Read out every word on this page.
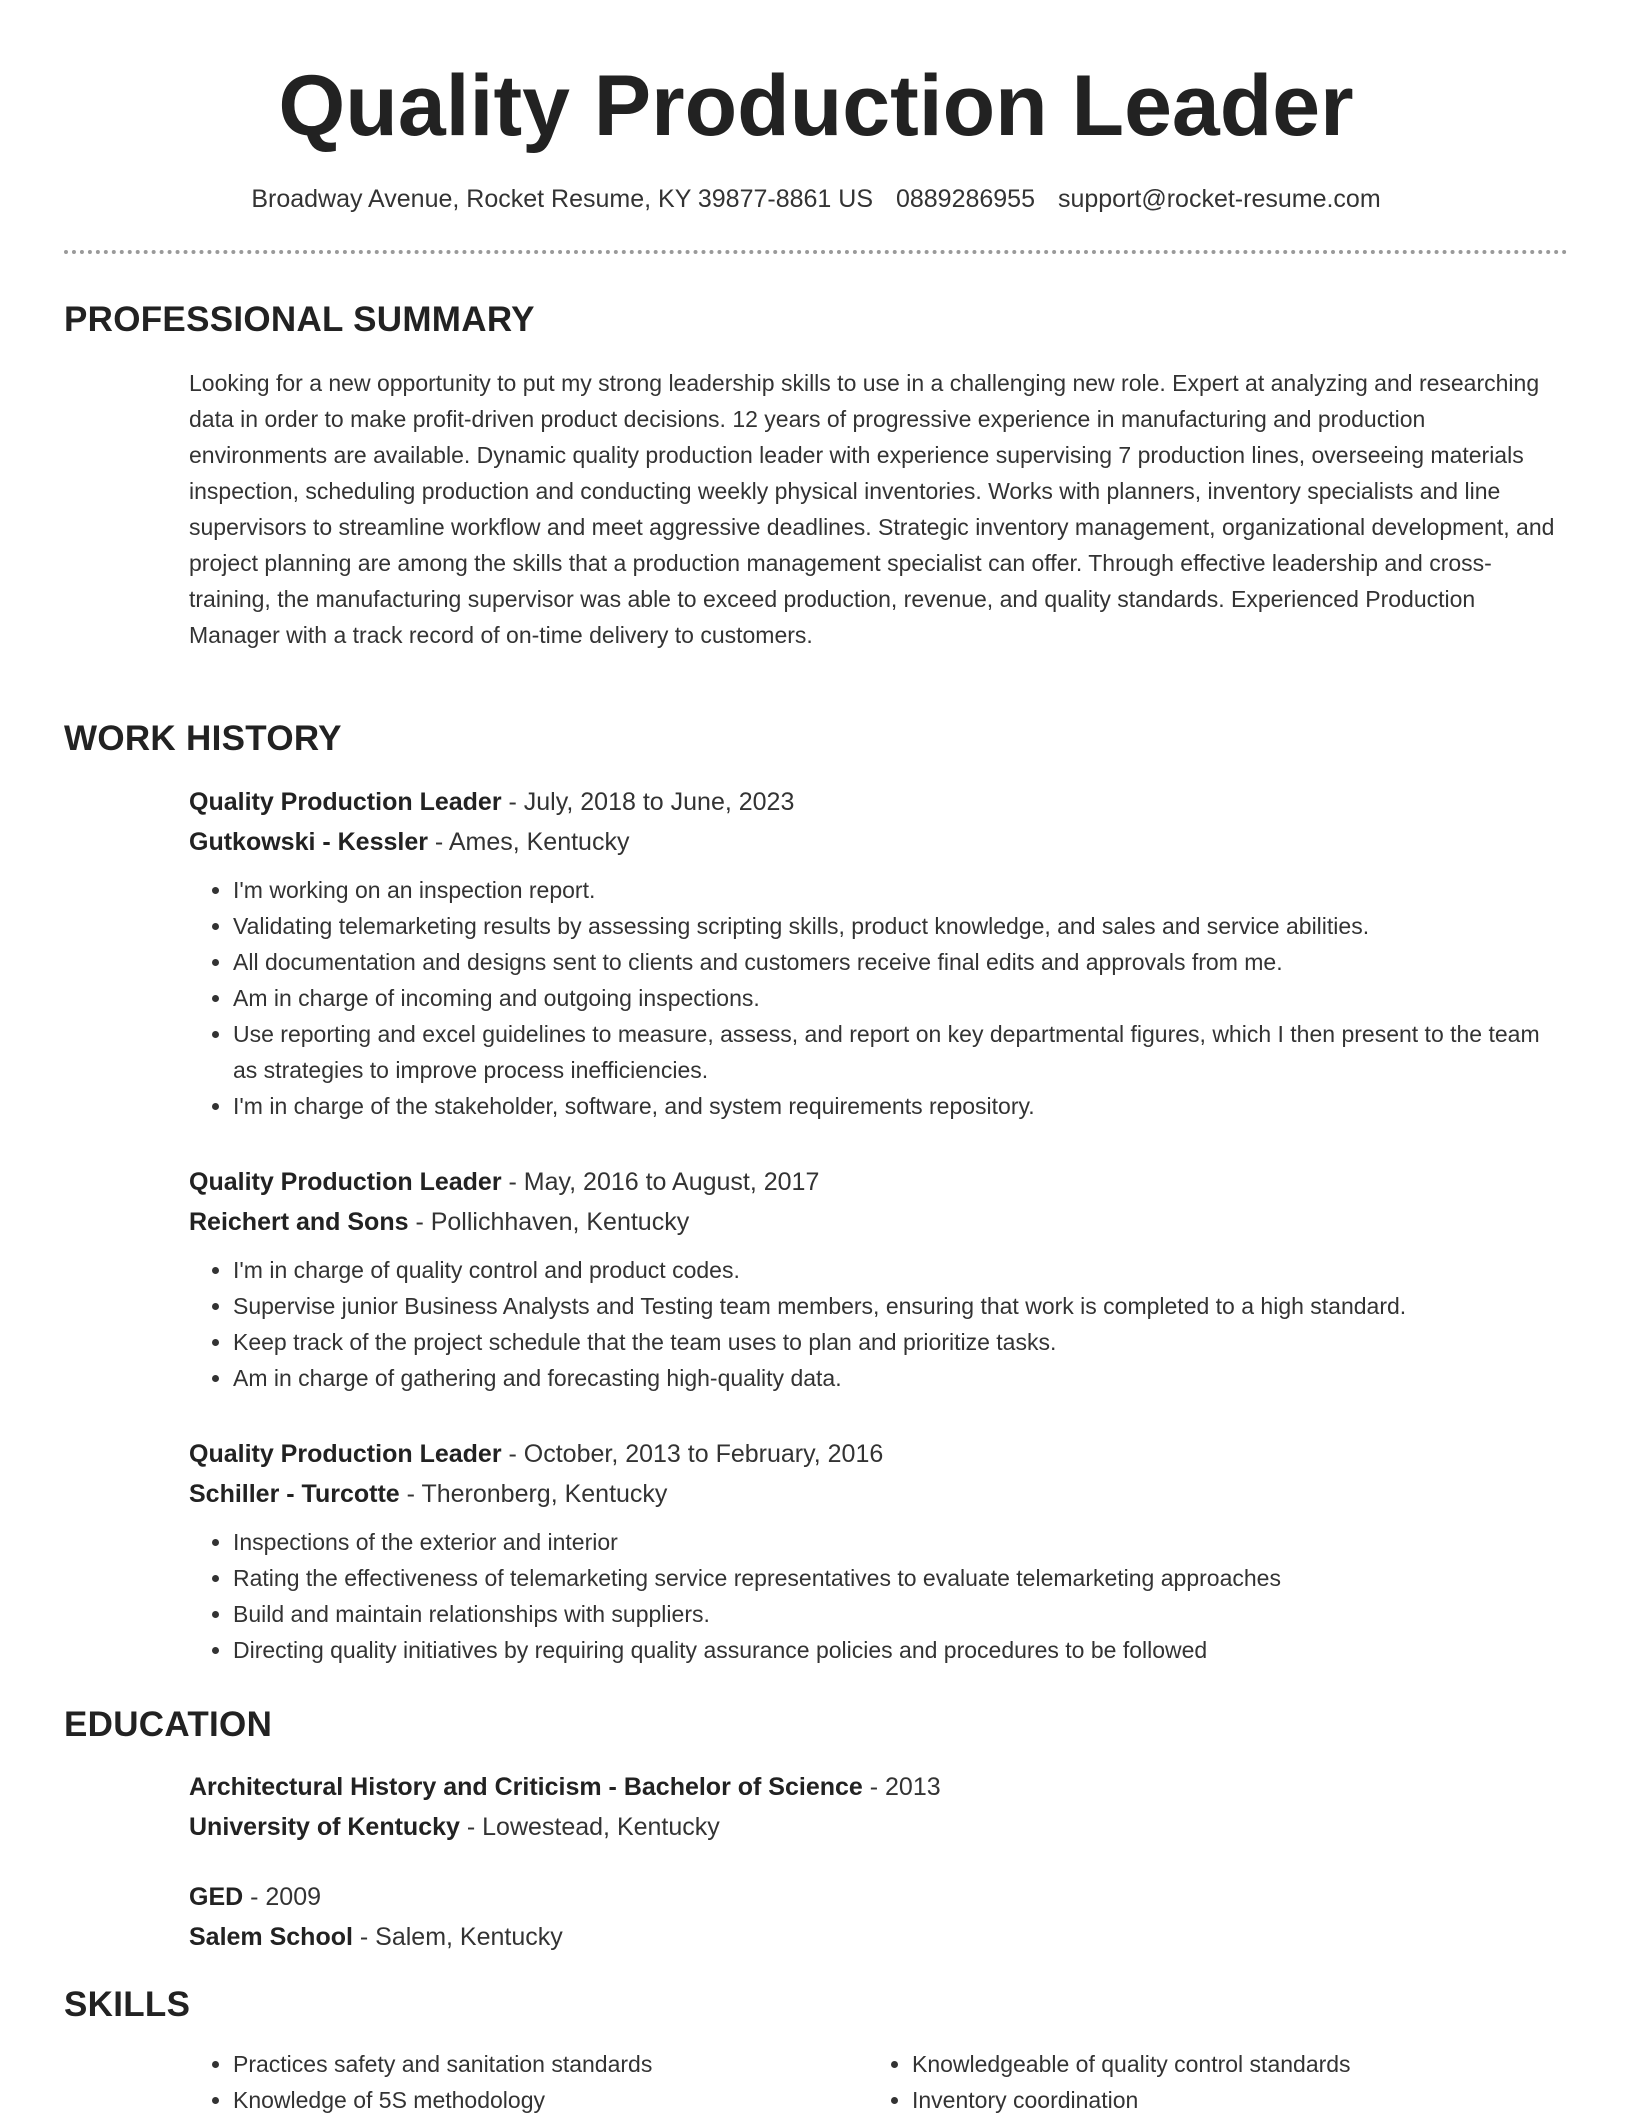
Quality Production Leader
Broadway Avenue, Rocket Resume, KY 39877-8861 US 0889286955 support@rocket-resume.com
PROFESSIONAL SUMMARY

Looking for a new opportunity to put my strong leadership skills to use in a challenging new role. Expert at analyzing and researching data in order to make profit-driven product decisions. 12 years of progressive experience in manufacturing and production environments are available. Dynamic quality production leader with experience supervising 7 production lines, overseeing materials inspection, scheduling production and conducting weekly physical inventories. Works with planners, inventory specialists and line supervisors to streamline workflow and meet aggressive deadlines. Strategic inventory management, organizational development, and project planning are among the skills that a production management specialist can offer. Through effective leadership and cross-training, the manufacturing supervisor was able to exceed production, revenue, and quality standards. Experienced Production Manager with a track record of on-time delivery to customers.

WORK HISTORY
Quality Production Leader - July, 2018 to June, 2023
Gutkowski - Kessler - Ames, Kentucky
• I'm working on an inspection report.
• Validating telemarketing results by assessing scripting skills, product knowledge, and sales and service abilities.
• All documentation and designs sent to clients and customers receive final edits and approvals from me.
• Am in charge of incoming and outgoing inspections.
• Use reporting and excel guidelines to measure, assess, and report on key departmental figures, which I then present to the team as strategies to improve process inefficiencies.
• I'm in charge of the stakeholder, software, and system requirements repository.
Quality Production Leader - May, 2016 to August, 2017
Reichert and Sons - Pollichhaven, Kentucky
• I'm in charge of quality control and product codes.
• Supervise junior Business Analysts and Testing team members, ensuring that work is completed to a high standard.
• Keep track of the project schedule that the team uses to plan and prioritize tasks.
• Am in charge of gathering and forecasting high-quality data.
Quality Production Leader - October, 2013 to February, 2016
Schiller - Turcotte - Theronberg, Kentucky
• Inspections of the exterior and interior
• Rating the effectiveness of telemarketing service representatives to evaluate telemarketing approaches
• Build and maintain relationships with suppliers.
• Directing quality initiatives by requiring quality assurance policies and procedures to be followed
EDUCATION
Architectural History and Criticism - Bachelor of Science - 2013
University of Kentucky - Lowestead, Kentucky
GED - 2009
Salem School - Salem, Kentucky
SKILLS
• Practices safety and sanitation standards
• Knowledge of 5S methodology
• Knowledgeable of quality control standards
• Inventory coordination
